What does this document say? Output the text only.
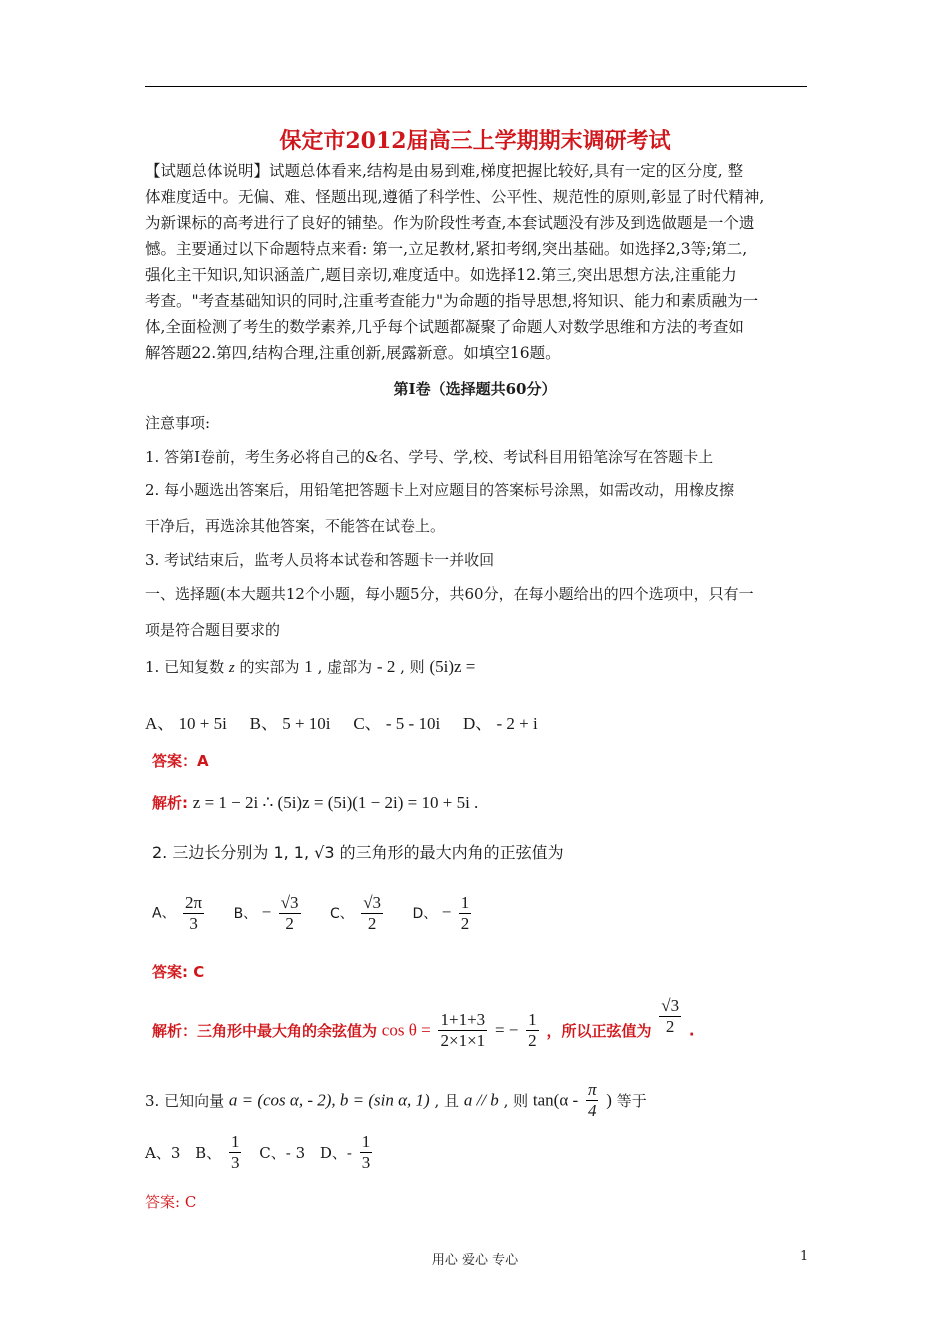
保定市2012届高三上学期期末调研考试

【试题总体说明】试题总体看来,结构是由易到难,梯度把握比较好,具有一定的区分度, 整

体难度适中。无偏、难、怪题出现,遵循了科学性、公平性、规范性的原则,彰显了时代精神,

为新课标的高考进行了良好的铺垫。作为阶段性考查,本套试题没有涉及到选做题是一个遗

憾。主要通过以下命题特点来看: 第一,立足教材,紧扣考纲,突出基础。如选择2,3等;第二,

强化主干知识,知识涵盖广,题目亲切,难度适中。如选择12.第三,突出思想方法,注重能力

考查。"考查基础知识的同时,注重考查能力"为命题的指导思想,将知识、能力和素质融为一

体,全面检测了考生的数学素养,几乎每个试题都凝聚了命题人对数学思维和方法的考查如

解答题22.第四,结构合理,注重创新,展露新意。如填空16题。

第I卷（选择题共60分）
注意事项:
1. 答第I卷前，考生务必将自己的&名、学号、学,校、考试科目用铅笔涂写在答题卡上
2. 每小题选出答案后，用铅笔把答题卡上对应题目的答案标号涂黑，如需改动，用橡皮擦
干净后，再选涂其他答案，不能答在试卷上。
3. 考试结束后，监考人员将本试卷和答题卡一并收回
一、选择题(本大题共12个小题，每小题5分，共60分，在每小题给出的四个选项中，只有一
项是符合题目要求的
1. 已知复数 z 的实部为 1 , 虚部为 - 2 , 则 (5i)z =
A、 10 + 5i B、 5 + 10i C、 - 5 - 10i D、 - 2 + i
答案：A
解析: z = 1 − 2i ∴ (5i)z = (5i)(1 − 2i) = 10 + 5i .
2. 三边长分别为 1, 1, √3 的三角形的最大内角的正弦值为
A、 $\frac{2\pi}{3}$ B、 − $\frac{√3}{2}$ C、 $\frac{√3}{2}$ D、 − $\frac{1}{2}$
答案: C
解析：三角形中最大角的余弦值为 $\cos \theta = \frac{1+1+3}{2\times 1\times 1}$ = − $\frac{1}{2}$ ，所以正弦值为 $\frac{√3}{2}$ .
3. 已知向量 a = (cos α, - 2), b = (sin α, 1) , 且 a // b , 则 $\tan(\alpha - \frac{\pi}{4}$ ) 等于
A、3 B、 $\frac{1}{3}$ C、- 3 D、- $\frac{1}{3}$
答案: C
用心 爱心 专心	1
